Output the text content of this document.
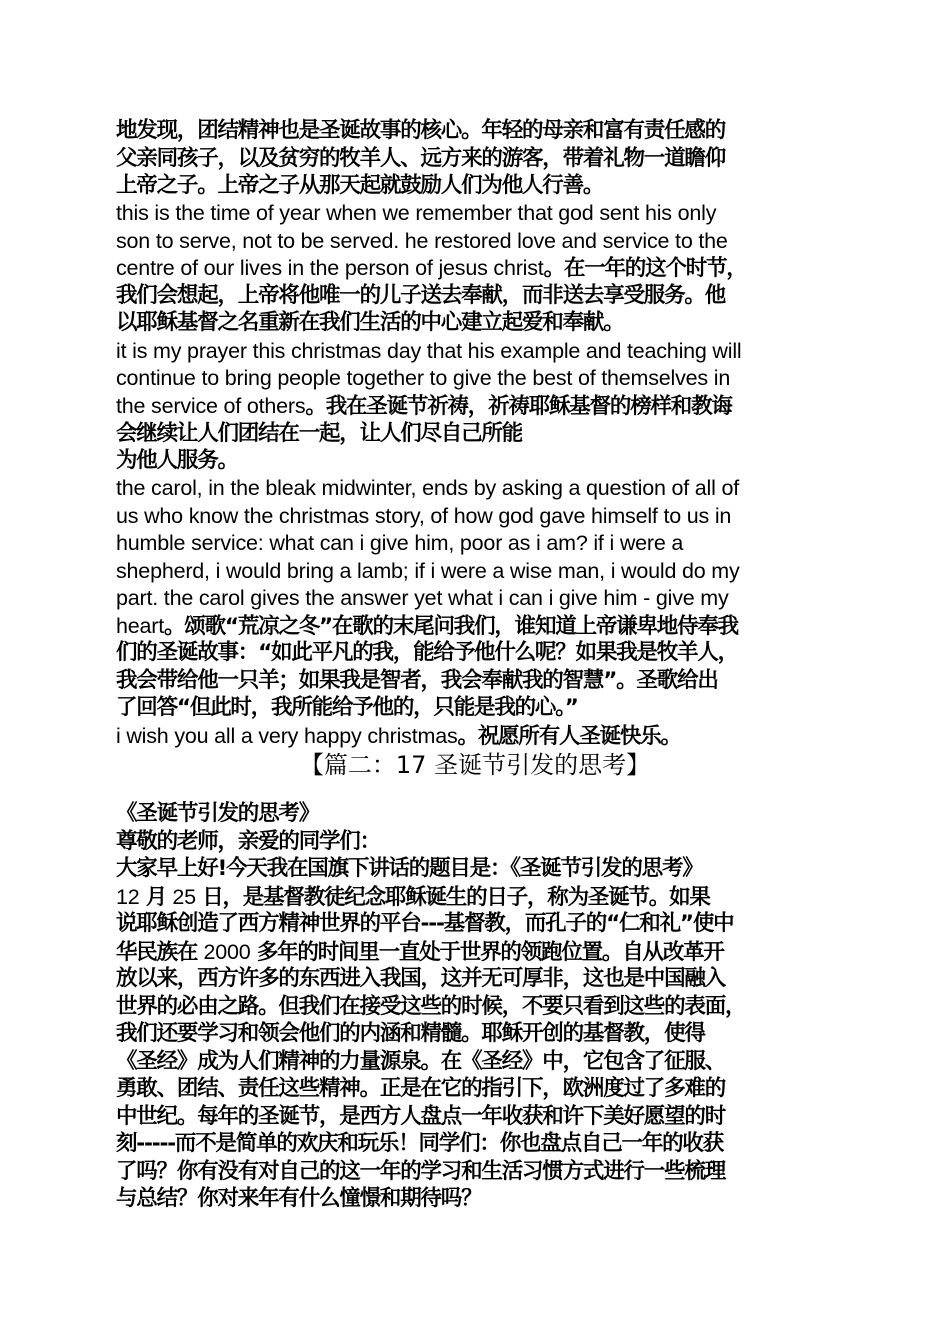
地发现，团结精神也是圣诞故事的核心。年轻的母亲和富有责任感的
父亲同孩子，以及贫穷的牧羊人、远方来的游客，带着礼物一道瞻仰
上帝之子。上帝之子从那天起就鼓励人们为他人行善。
this is the time of year when we remember that god sent his only
son to serve, not to be served. he restored love and service to the
centre of our lives in the person of jesus christ。在一年的这个时节，
我们会想起，上帝将他唯一的儿子送去奉献，而非送去享受服务。他
以耶稣基督之名重新在我们生活的中心建立起爱和奉献。
it is my prayer this christmas day that his example and teaching will
continue to bring people together to give the best of themselves in
the service of others。我在圣诞节祈祷，祈祷耶稣基督的榜样和教诲
会继续让人们团结在一起，让人们尽自己所能
为他人服务。
the carol, in the bleak midwinter, ends by asking a question of all of
us who know the christmas story, of how god gave himself to us in
humble service: what can i give him, poor as i am? if i were a
shepherd, i would bring a lamb; if i were a wise man, i would do my
part. the carol gives the answer yet what i can i give him - give my
heart。颂歌“荒凉之冬”在歌的末尾问我们，谁知道上帝谦卑地侍奉我
们的圣诞故事：“如此平凡的我，能给予他什么呢？如果我是牧羊人，
我会带给他一只羊；如果我是智者，我会奉献我的智慧”。圣歌给出
了回答“但此时，我所能给予他的，只能是我的心。”
i wish you all a very happy christmas。祝愿所有人圣诞快乐。
【篇二：17 圣诞节引发的思考】
《圣诞节引发的思考》
尊敬的老师，亲爱的同学们：
大家早上好!今天我在国旗下讲话的题目是：《圣诞节引发的思考》
12 月 25 日，是基督教徒纪念耶稣诞生的日子，称为圣诞节。如果
说耶稣创造了西方精神世界的平台---基督教，而孔子的“仁和礼”使中
华民族在 2000 多年的时间里一直处于世界的领跑位置。自从改革开
放以来，西方许多的东西进入我国，这并无可厚非，这也是中国融入
世界的必由之路。但我们在接受这些的时候，不要只看到这些的表面，
我们还要学习和领会他们的内涵和精髓。耶稣开创的基督教，使得
《圣经》成为人们精神的力量源泉。在《圣经》中，它包含了征服、
勇敢、团结、责任这些精神。正是在它的指引下，欧洲度过了多难的
中世纪。每年的圣诞节，是西方人盘点一年收获和许下美好愿望的时
刻-----而不是简单的欢庆和玩乐！同学们：你也盘点自己一年的收获
了吗？你有没有对自己的这一年的学习和生活习惯方式进行一些梳理
与总结？你对来年有什么憧憬和期待吗？
